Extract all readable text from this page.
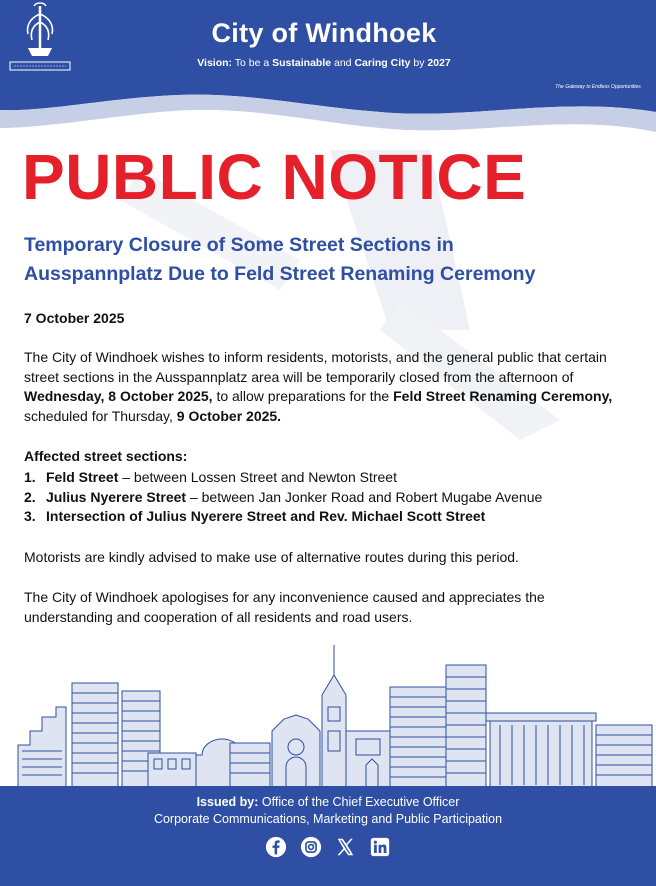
City of Windhoek
Vision: To be a Sustainable and Caring City by 2027
The Gateway to Endless Opportunities
PUBLIC NOTICE
Temporary Closure of Some Street Sections in
Ausspannplatz Due to Feld Street Renaming Ceremony
7 October 2025
The City of Windhoek wishes to inform residents, motorists, and the general public that certain street sections in the Ausspannplatz area will be temporarily closed from the afternoon of Wednesday, 8 October 2025, to allow preparations for the Feld Street Renaming Ceremony, scheduled for Thursday, 9 October 2025.
Affected street sections:
1. Feld Street – between Lossen Street and Newton Street
2. Julius Nyerere Street – between Jan Jonker Road and Robert Mugabe Avenue
3. Intersection of Julius Nyerere Street and Rev. Michael Scott Street
Motorists are kindly advised to make use of alternative routes during this period.
The City of Windhoek apologises for any inconvenience caused and appreciates the understanding and cooperation of all residents and road users.
Issued by: Office of the Chief Executive Officer
Corporate Communications, Marketing and Public Participation
